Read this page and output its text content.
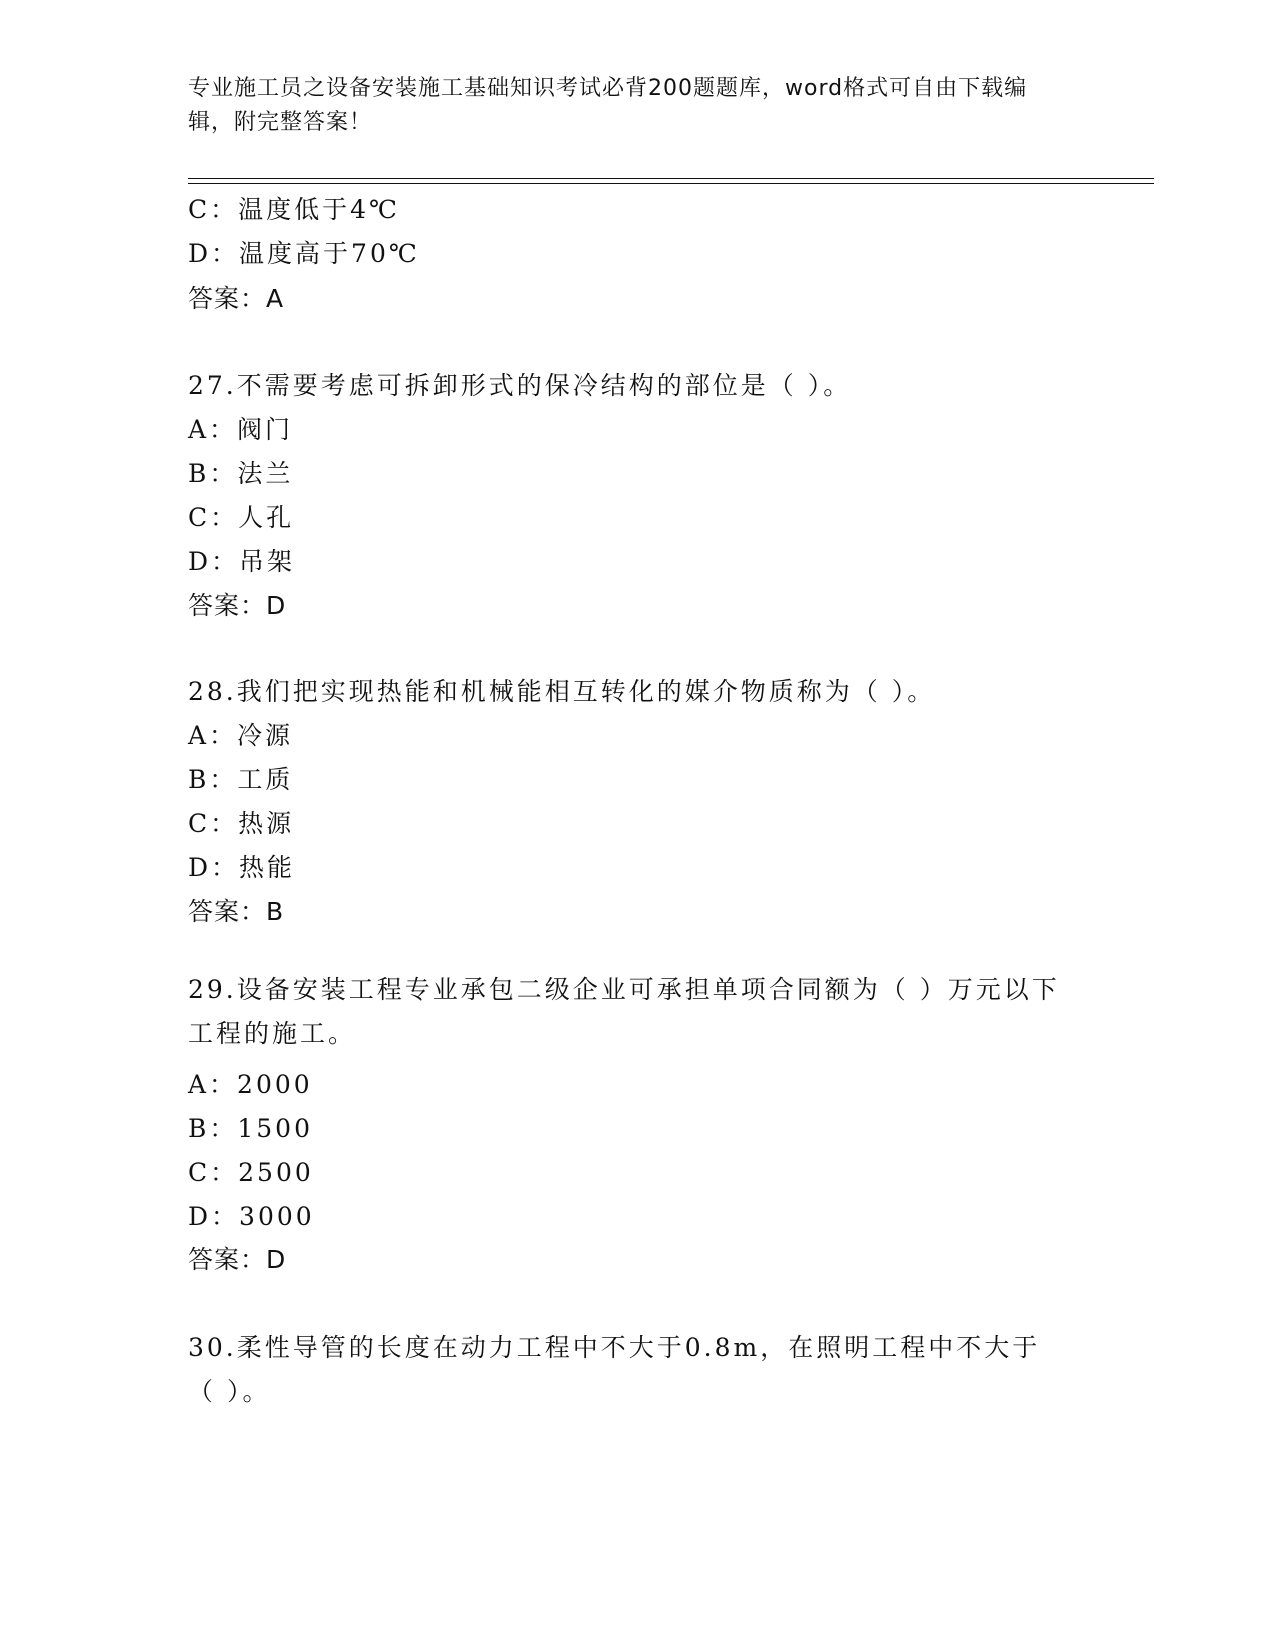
专业施工员之设备安装施工基础知识考试必背200题题库，word格式可自由下载编辑，附完整答案！
C：温度低于4℃
D：温度高于70℃
答案：A
27.不需要考虑可拆卸形式的保冷结构的部位是（ ）。
A：阀门
B：法兰
C：人孔
D：吊架
答案：D
28.我们把实现热能和机械能相互转化的媒介物质称为（ ）。
A：冷源
B：工质
C：热源
D：热能
答案：B
29.设备安装工程专业承包二级企业可承担单项合同额为（ ）万元以下工程的施工。
A：2000
B：1500
C：2500
D：3000
答案：D
30.柔性导管的长度在动力工程中不大于0.8m，在照明工程中不大于（ ）。
